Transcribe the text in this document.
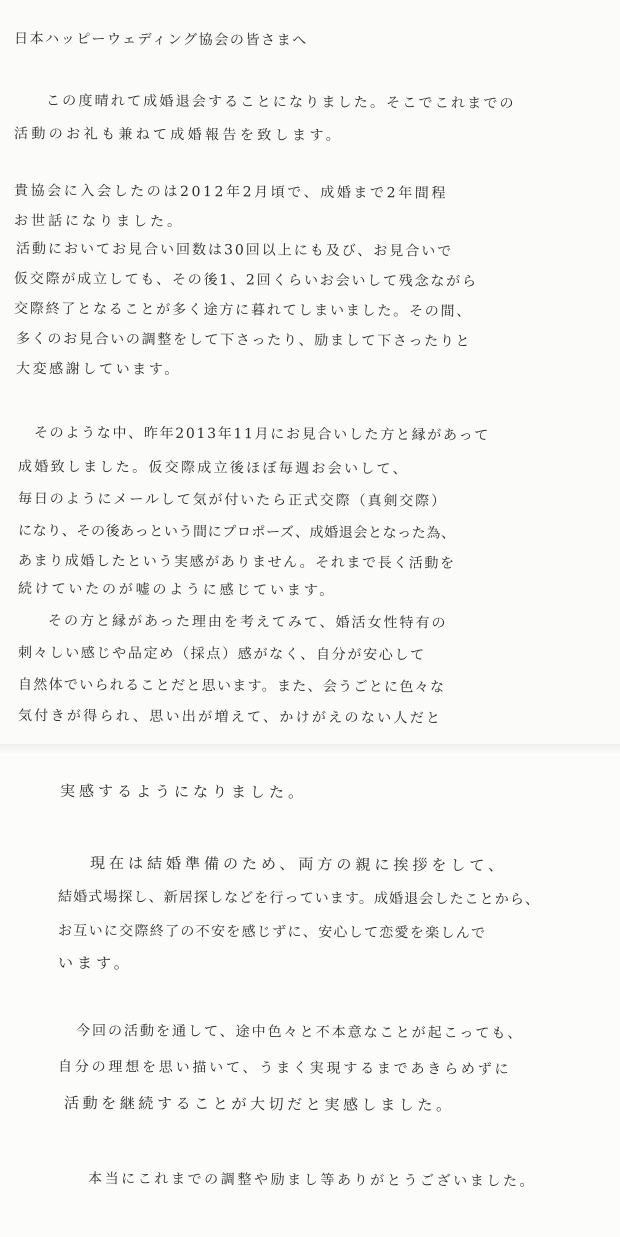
日本ハッピーウェディング協会の皆さまへ
この度晴れて成婚退会することになりました。そこでこれまでの
活動のお礼も兼ねて成婚報告を致します。
貴協会に入会したのは2012年2月頃で、成婚まで2年間程
お世話になりました。
活動においてお見合い回数は30回以上にも及び、お見合いで
仮交際が成立しても、その後1、2回くらいお会いして残念ながら
交際終了となることが多く途方に暮れてしまいました。その間、
多くのお見合いの調整をして下さったり、励まして下さったりと
大変感謝しています。
そのような中、昨年2013年11月にお見合いした方と縁があって
成婚致しました。仮交際成立後ほぼ毎週お会いして、
毎日のようにメールして気が付いたら正式交際（真剣交際）
になり、その後あっという間にプロポーズ、成婚退会となった為、
あまり成婚したという実感がありません。それまで長く活動を
続けていたのが嘘のように感じています。
その方と縁があった理由を考えてみて、婚活女性特有の
刺々しい感じや品定め（採点）感がなく、自分が安心して
自然体でいられることだと思います。また、会うごとに色々な
気付きが得られ、思い出が増えて、かけがえのない人だと
実感するようになりました。
現在は結婚準備のため、両方の親に挨拶をして、
結婚式場探し、新居探しなどを行っています。成婚退会したことから、
お互いに交際終了の不安を感じずに、安心して恋愛を楽しんで
います。
今回の活動を通して、途中色々と不本意なことが起こっても、
自分の理想を思い描いて、うまく実現するまであきらめずに
活動を継続することが大切だと実感しました。
本当にこれまでの調整や励まし等ありがとうございました。
